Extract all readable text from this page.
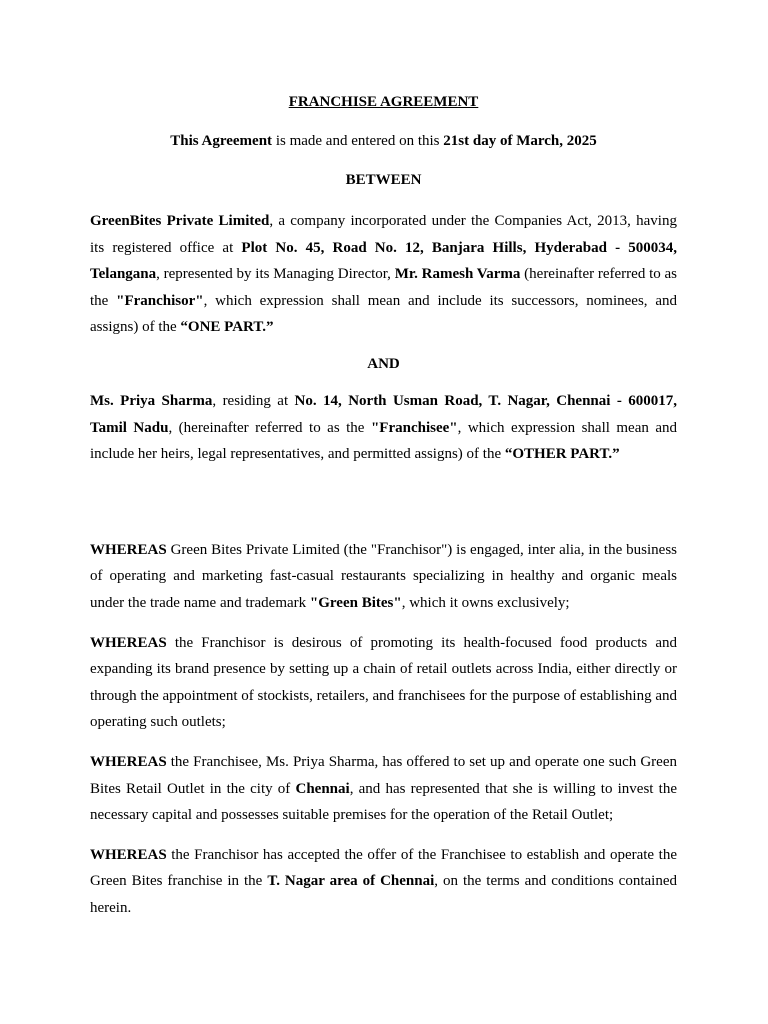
FRANCHISE AGREEMENT
This Agreement is made and entered on this 21st day of March, 2025
BETWEEN

GreenBites Private Limited, a company incorporated under the Companies Act, 2013, having its registered office at Plot No. 45, Road No. 12, Banjara Hills, Hyderabad - 500034, Telangana, represented by its Managing Director, Mr. Ramesh Varma (hereinafter referred to as the "Franchisor", which expression shall mean and include its successors, nominees, and assigns) of the “ONE PART.”

AND

Ms. Priya Sharma, residing at No. 14, North Usman Road, T. Nagar, Chennai - 600017, Tamil Nadu, (hereinafter referred to as the "Franchisee", which expression shall mean and include her heirs, legal representatives, and permitted assigns) of the “OTHER PART.”

WHEREAS Green Bites Private Limited (the "Franchisor") is engaged, inter alia, in the business of operating and marketing fast-casual restaurants specializing in healthy and organic meals under the trade name and trademark "Green Bites", which it owns exclusively;

WHEREAS the Franchisor is desirous of promoting its health-focused food products and expanding its brand presence by setting up a chain of retail outlets across India, either directly or through the appointment of stockists, retailers, and franchisees for the purpose of establishing and operating such outlets;

WHEREAS the Franchisee, Ms. Priya Sharma, has offered to set up and operate one such Green Bites Retail Outlet in the city of Chennai, and has represented that she is willing to invest the necessary capital and possesses suitable premises for the operation of the Retail Outlet;

WHEREAS the Franchisor has accepted the offer of the Franchisee to establish and operate the Green Bites franchise in the T. Nagar area of Chennai, on the terms and conditions contained herein.
